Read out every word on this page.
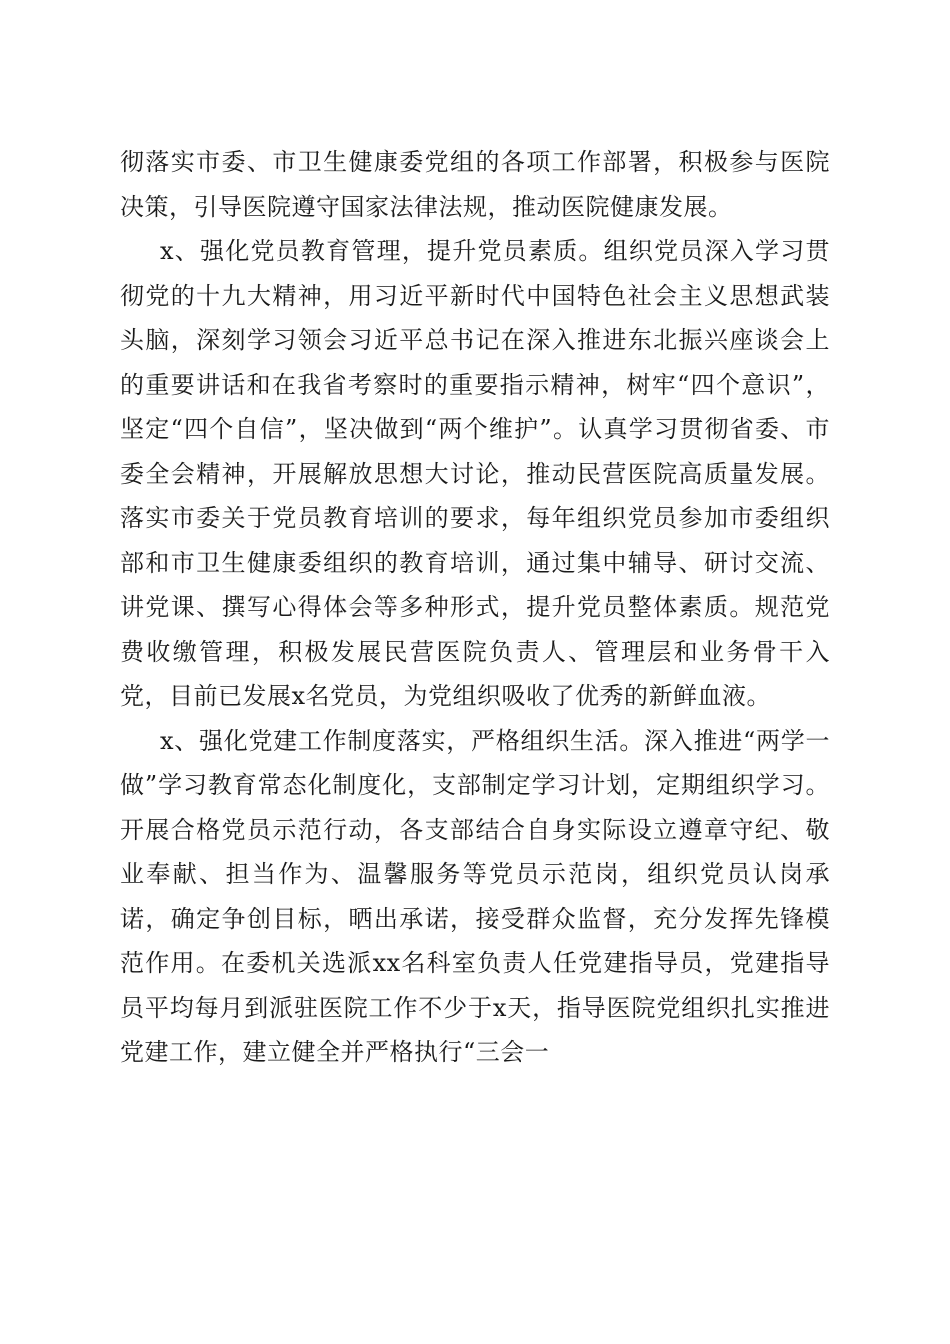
彻落实市委、市卫生健康委党组的各项工作部署，积极参与医院决策，引导医院遵守国家法律法规，推动医院健康发展。

x、强化党员教育管理，提升党员素质。组织党员深入学习贯彻党的十九大精神，用习近平新时代中国特色社会主义思想武装头脑，深刻学习领会习近平总书记在深入推进东北振兴座谈会上的重要讲话和在我省考察时的重要指示精神，树牢“四个意识”，坚定“四个自信”，坚决做到“两个维护”。认真学习贯彻省委、市委全会精神，开展解放思想大讨论，推动民营医院高质量发展。落实市委关于党员教育培训的要求，每年组织党员参加市委组织部和市卫生健康委组织的教育培训，通过集中辅导、研讨交流、讲党课、撰写心得体会等多种形式，提升党员整体素质。规范党费收缴管理，积极发展民营医院负责人、管理层和业务骨干入党，目前已发展x名党员，为党组织吸收了优秀的新鲜血液。

x、强化党建工作制度落实，严格组织生活。深入推进“两学一做”学习教育常态化制度化，支部制定学习计划，定期组织学习。开展合格党员示范行动，各支部结合自身实际设立遵章守纪、敬业奉献、担当作为、温馨服务等党员示范岗，组织党员认岗承诺，确定争创目标，晒出承诺，接受群众监督，充分发挥先锋模范作用。在委机关选派xx名科室负责人任党建指导员，党建指导员平均每月到派驻医院工作不少于x天，指导医院党组织扎实推进党建工作，建立健全并严格执行“三会一
